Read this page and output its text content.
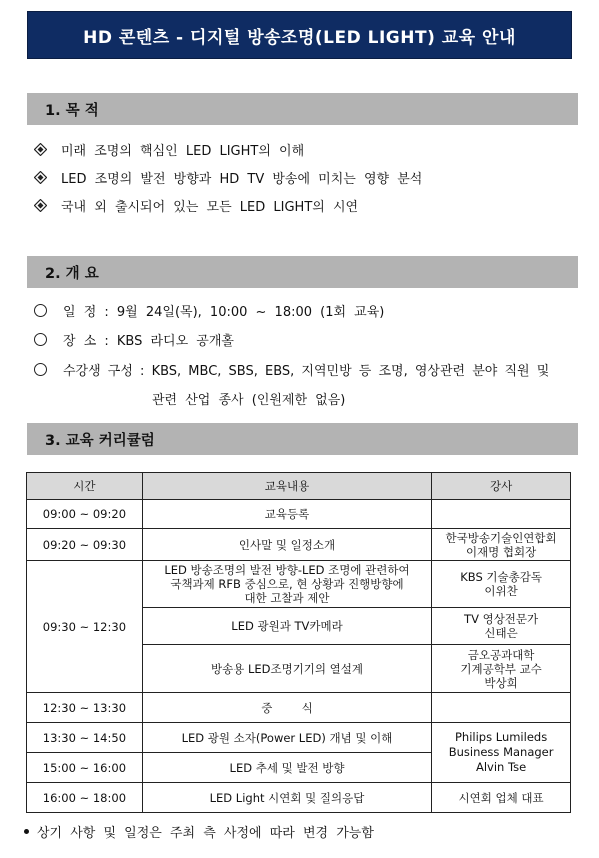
HD 콘텐츠 - 디지털 방송조명(LED LIGHT) 교육 안내
1. 목 적
미래 조명의 핵심인 LED LIGHT의 이해
LED 조명의 발전 방향과 HD TV 방송에 미치는 영향 분석
국내 외 출시되어 있는 모든 LED LIGHT의 시연
2. 개 요
일 정 : 9월 24일(목), 10:00 ~ 18:00 (1회 교육)
장 소 : KBS 라디오 공개홀
수강생 구성 : KBS, MBC, SBS, EBS, 지역민방 등 조명, 영상관련 분야 직원 및
관련 산업 종사 (인원제한 없음)
3. 교육 커리큘럼
시간	교육내용	강사
09:00 ~ 09:20	교육등록	
09:20 ~ 09:30	인사말 및 일정소개	한국방송기술인연합회
이재명 협회장
09:30 ~ 12:30	LED 방송조명의 발전 방향-LED 조명에 관련하여
국책과제 RFB 중심으로, 현 상황과 진행방향에
대한 고찰과 제안	KBS 기술총감독
이위찬
	LED 광원과 TV카메라	TV 영상전문가
신태은
	방송용 LED조명기기의 열설계	금오공과대학
기계공학부 교수
박상희
12:30 ~ 13:30	중        식	
13:30 ~ 14:50	LED 광원 소자(Power LED) 개념 및 이해	Philips Lumileds
Business Manager
Alvin Tse
15:00 ~ 16:00	LED 추세 및 발전 방향	
16:00 ~ 18:00	LED Light 시연회 및 질의응답	시연회 업체 대표
상기 사항 및 일정은 주최 측 사정에 따라 변경 가능함
